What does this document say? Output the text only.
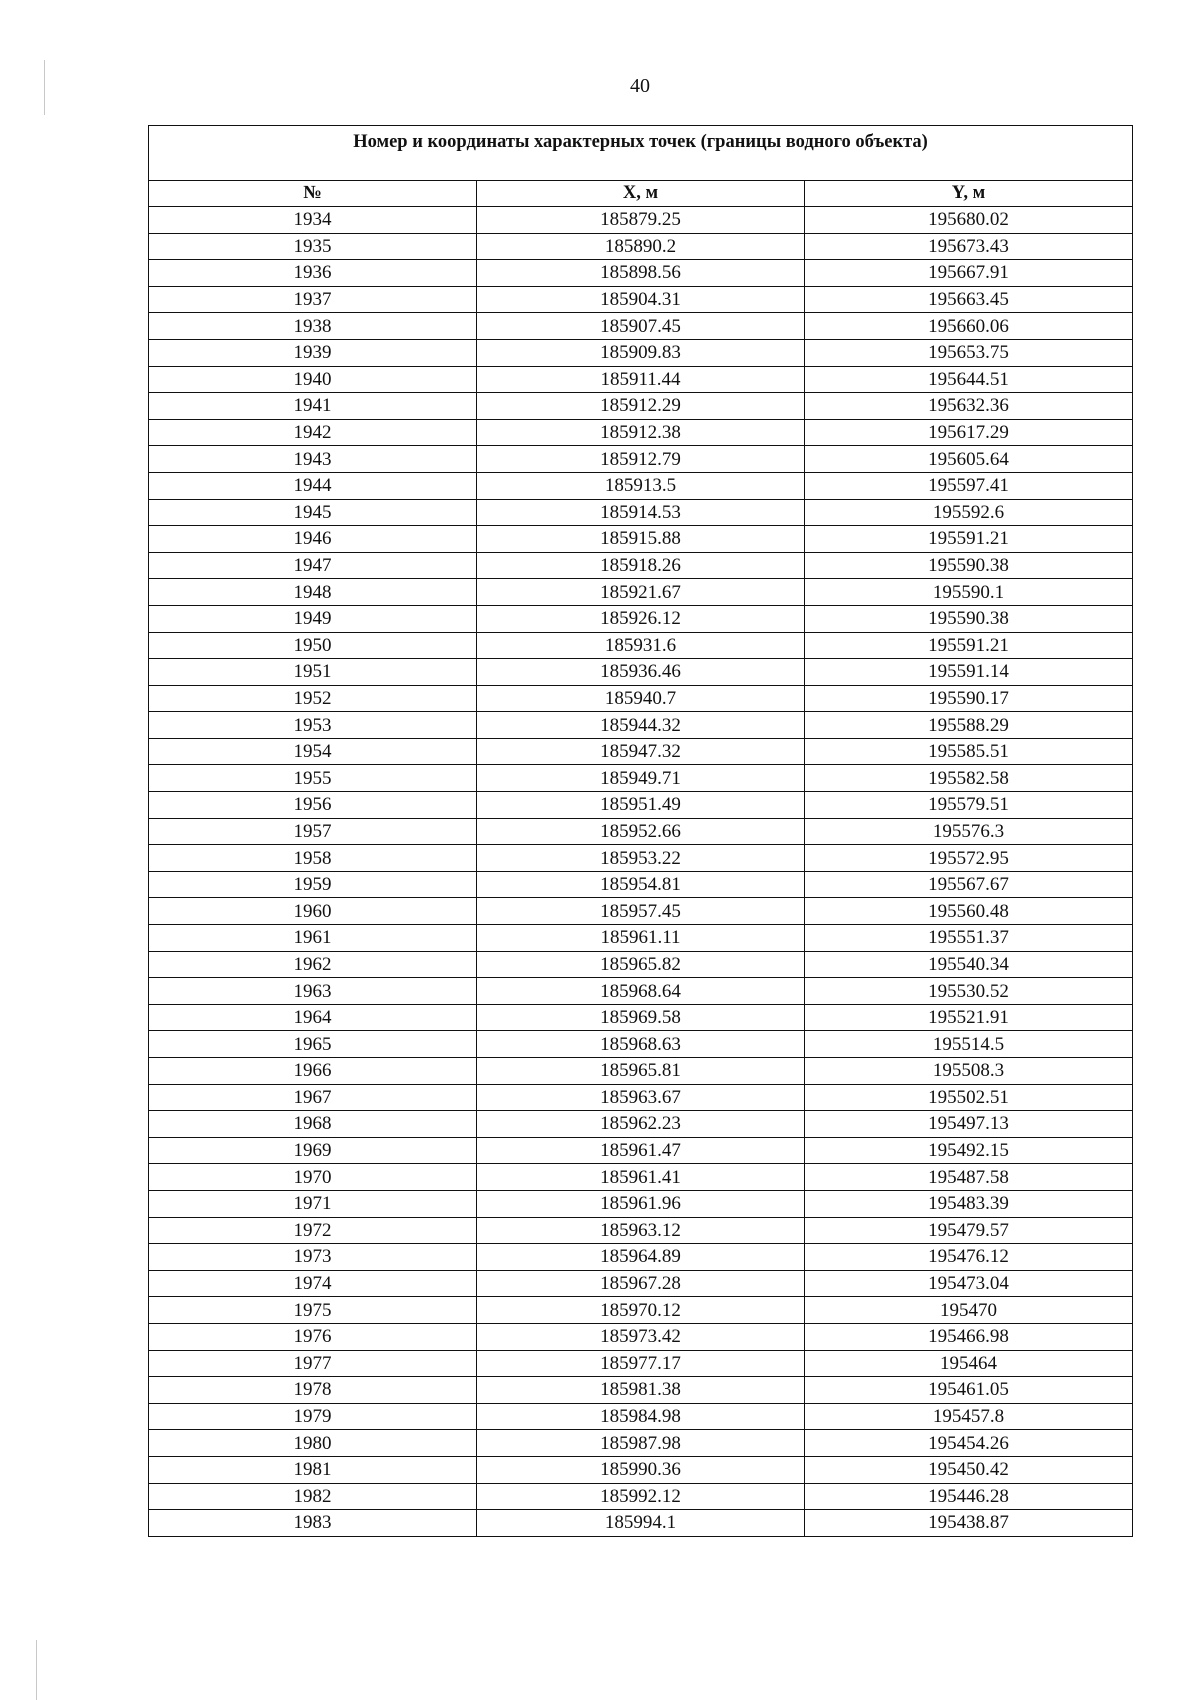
40
Номер и координаты характерных точек (границы водного объекта)		
№	X, м	Y, м
1934	185879.25	195680.02
1935	185890.2	195673.43
1936	185898.56	195667.91
1937	185904.31	195663.45
1938	185907.45	195660.06
1939	185909.83	195653.75
1940	185911.44	195644.51
1941	185912.29	195632.36
1942	185912.38	195617.29
1943	185912.79	195605.64
1944	185913.5	195597.41
1945	185914.53	195592.6
1946	185915.88	195591.21
1947	185918.26	195590.38
1948	185921.67	195590.1
1949	185926.12	195590.38
1950	185931.6	195591.21
1951	185936.46	195591.14
1952	185940.7	195590.17
1953	185944.32	195588.29
1954	185947.32	195585.51
1955	185949.71	195582.58
1956	185951.49	195579.51
1957	185952.66	195576.3
1958	185953.22	195572.95
1959	185954.81	195567.67
1960	185957.45	195560.48
1961	185961.11	195551.37
1962	185965.82	195540.34
1963	185968.64	195530.52
1964	185969.58	195521.91
1965	185968.63	195514.5
1966	185965.81	195508.3
1967	185963.67	195502.51
1968	185962.23	195497.13
1969	185961.47	195492.15
1970	185961.41	195487.58
1971	185961.96	195483.39
1972	185963.12	195479.57
1973	185964.89	195476.12
1974	185967.28	195473.04
1975	185970.12	195470
1976	185973.42	195466.98
1977	185977.17	195464
1978	185981.38	195461.05
1979	185984.98	195457.8
1980	185987.98	195454.26
1981	185990.36	195450.42
1982	185992.12	195446.28
1983	185994.1	195438.87
